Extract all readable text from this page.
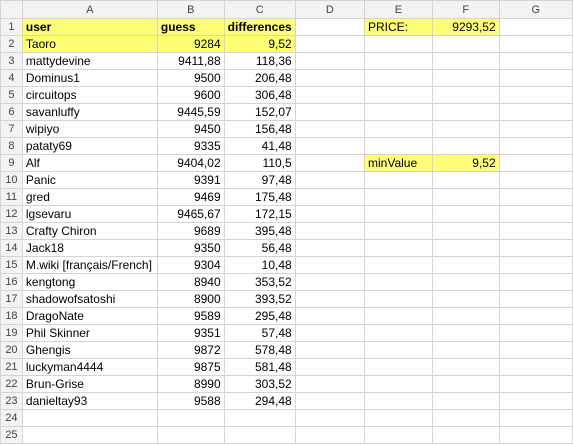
	A	B	C	D	E	F	G
1	user	guess	differences		PRICE:	9293,52	
2	Taoro	9284	9,52				
3	mattydevine	9411,88	118,36				
4	Dominus1	9500	206,48				
5	circuitops	9600	306,48				
6	savanluffy	9445,59	152,07				
7	wipiyo	9450	156,48				
8	pataty69	9335	41,48				
9	Alf	9404,02	110,5		minValue	9,52	
10	Panic	9391	97,48				
11	gred	9469	175,48				
12	lgsevaru	9465,67	172,15				
13	Crafty Chiron	9689	395,48				
14	Jack18	9350	56,48				
15	M.wiki [français/French]	9304	10,48				
16	kengtong	8940	353,52				
17	shadowofsatoshi	8900	393,52				
18	DragoNate	9589	295,48				
19	Phil Skinner	9351	57,48				
20	Ghengis	9872	578,48				
21	luckyman4444	9875	581,48				
22	Brun-Grise	8990	303,52				
23	danieltay93	9588	294,48				
24							
25							
